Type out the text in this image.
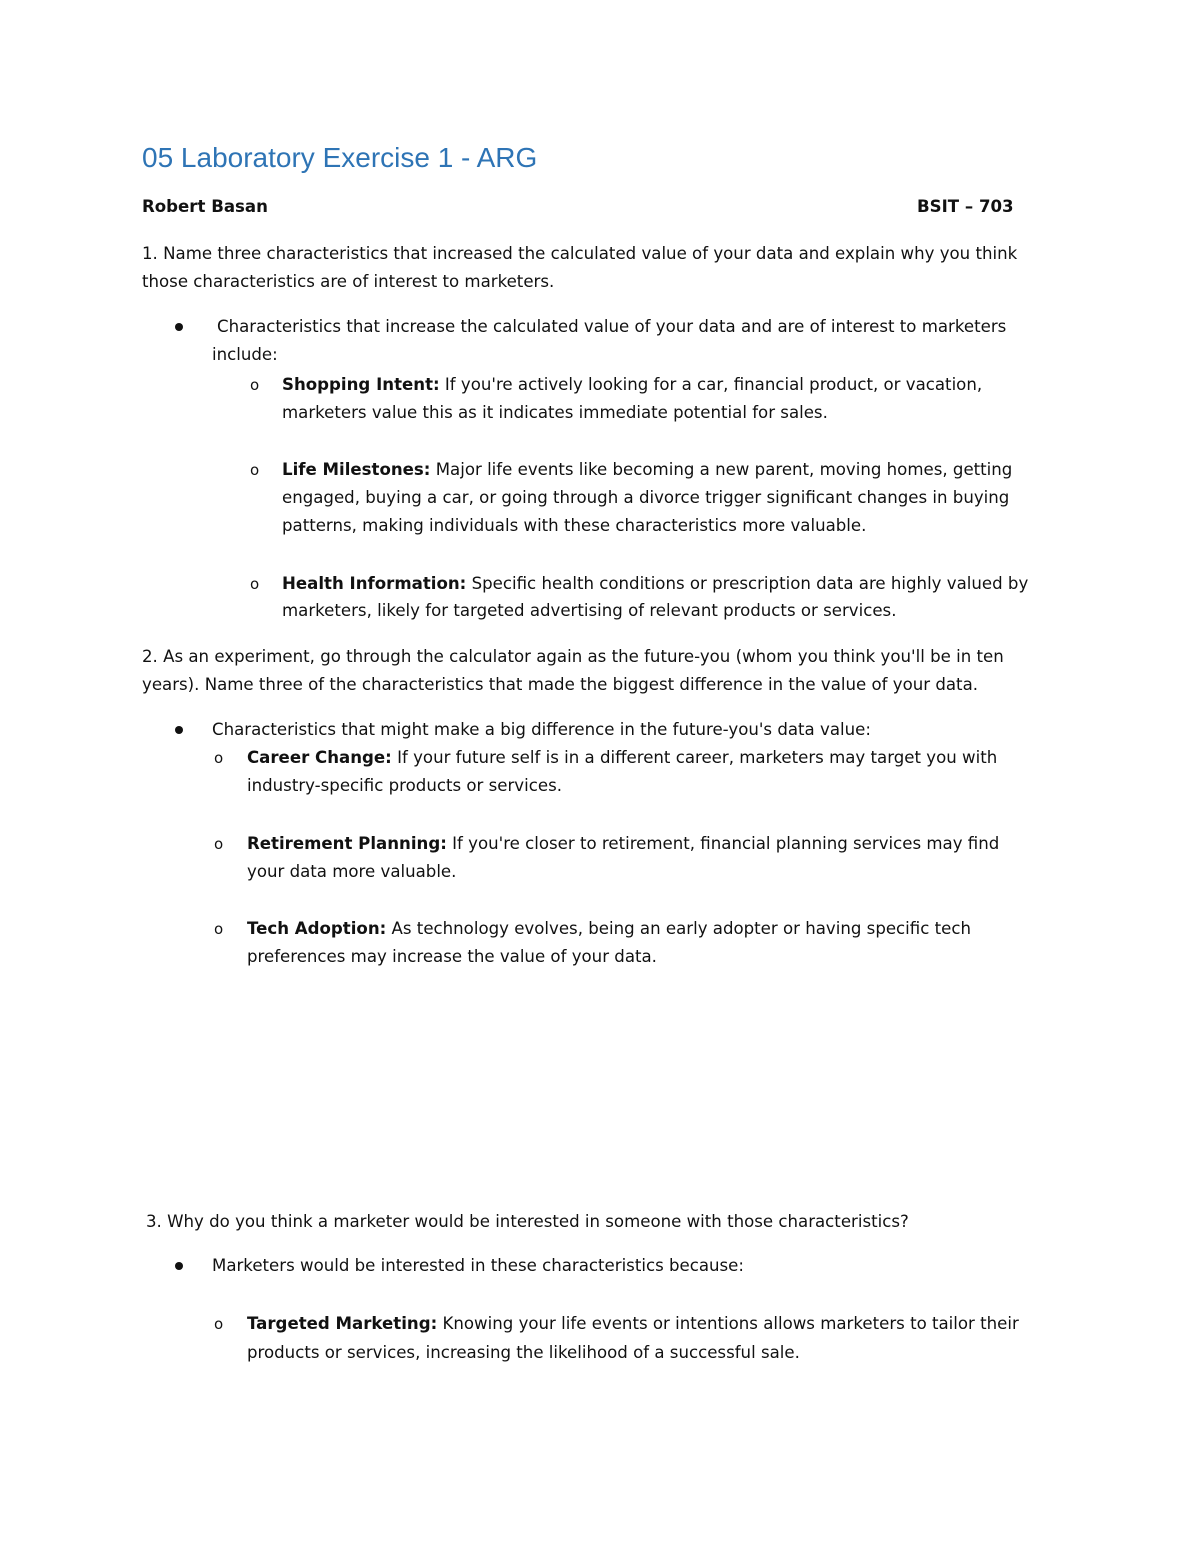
05 Laboratory Exercise 1 - ARG
Robert Basan	BSIT – 703
1. Name three characteristics that increased the calculated value of your data and explain why you think
those characteristics are of interest to marketers.
Characteristics that increase the calculated value of your data and are of interest to marketers
include:
o Shopping Intent: If you're actively looking for a car, financial product, or vacation,
marketers value this as it indicates immediate potential for sales.
o Life Milestones: Major life events like becoming a new parent, moving homes, getting
engaged, buying a car, or going through a divorce trigger significant changes in buying
patterns, making individuals with these characteristics more valuable.
o Health Information: Specific health conditions or prescription data are highly valued by
marketers, likely for targeted advertising of relevant products or services.
2. As an experiment, go through the calculator again as the future-you (whom you think you'll be in ten
years). Name three of the characteristics that made the biggest difference in the value of your data.
Characteristics that might make a big difference in the future-you's data value:
o Career Change: If your future self is in a different career, marketers may target you with
industry-specific products or services.
o Retirement Planning: If you're closer to retirement, financial planning services may find
your data more valuable.
o Tech Adoption: As technology evolves, being an early adopter or having specific tech
preferences may increase the value of your data.
3. Why do you think a marketer would be interested in someone with those characteristics?
Marketers would be interested in these characteristics because:
o Targeted Marketing: Knowing your life events or intentions allows marketers to tailor their
products or services, increasing the likelihood of a successful sale.
